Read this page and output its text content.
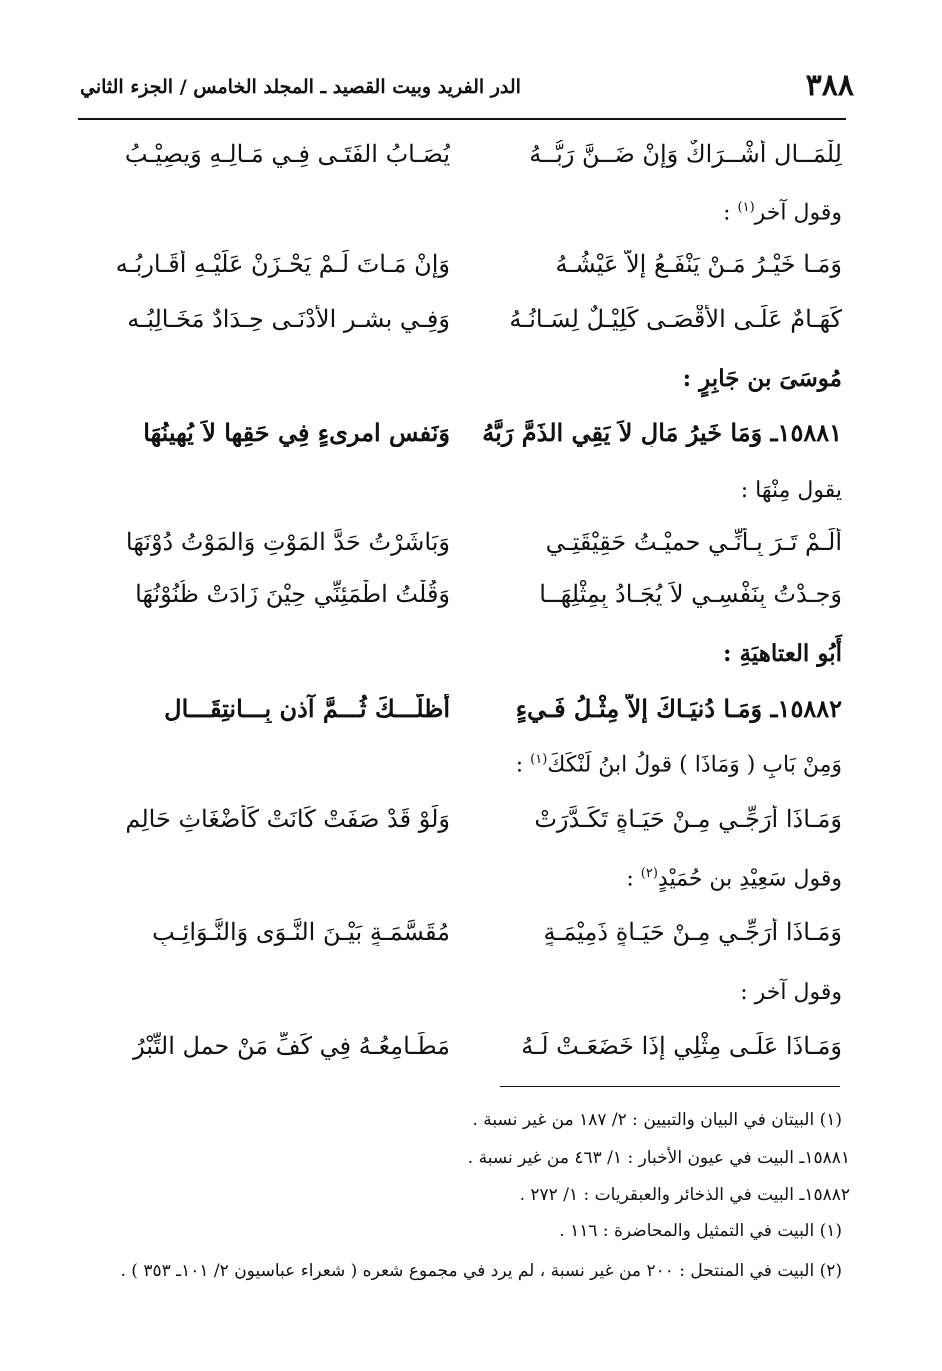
٣٨٨
الدر الفريد وبيت القصيد ـ المجلد الخامس / الجزء الثاني
لِلْمَــالِ أَشْــرَاكٌ وَإِنْ ضَــنَّ رَبُّــهُ
يُصَـابُ الفَتَـى فِـي مَـالِـهِ وَيصِيْـبُ
وقول آخر$^{(١)}$ :
وَمَـا خَيْـرُ مَـنْ يَنْفَـعُ إِلاَّ عَيْشُـهُ
وَإِنْ مَـاتَ لَـمْ يَحْـزَنْ عَلَيْـهِ أَقَـارِبُـه
كَهَـامٌ عَلَـى الأَقْصَـى كَلِيْـلٌ لِسَـانُـهُ
وَفِـي بشـرِ الأَدْنَـى حِـدَادٌ مَخَـالِبُـه
مُوسَىَ بن جَابِرٍ :
١٥٨٨١ـ وَمَا خَيرُ مَالٍ لاَ يَقِي الذَمَّ رَبَّهُ
وَنَفس امرىءٍ فِي حَقِها لاَ يُهِينُهَا
يقول مِنْهَا :
أَلَـمْ تَـرَ بِـأَنِّـي حميْـتُ حَقِيْقَتِـي
وَبَاشَرْتُ حَدَّ المَوْتِ وَالمَوْتُ دُوْنَهَا
وَجـدْتُ بِنَفْسِـي لاَ يُجَـادُ بِمِثْلِهَــا
وَقُلْتُ اطْمَئِنِّي حِيْنَ زَادَتْ ظُنُوْنُهَا
أَبُو العتاهيَةِ :
١٥٨٨٢ـ وَمَـا دُنيَـاكَ إِلاَّ مِثْـلُ فَـيءٍ
أَظلَّـــكَ ثُـــمَّ آذن بِـــانتِقَـــالِ
وَمِنْ بَابِ ( وَمَاذَا ) قولُ ابنُ لَنْكَكَ$^{(١)}$ :
وَمَـاذَا أُرَجِّـي مِـنْ حَيَـاةٍ تَكَـدَّرَتْ
وَلَوْ قَدْ صَفَتْ كَانَتْ كَأَضْغَاثِ حَالِمِ
وقول سَعِيْدِ بن حُمَيْدٍ$^{(٢)}$ :
وَمَـاذَا أُرَجِّـي مِـنْ حَيَـاةٍ ذَمِيْمَـةٍ
مُقَسَّمَـةٍ بَيْـنَ النَّـوَى وَالنَّـوَائِـبِ
وقول آخر :
وَمَـاذَا عَلَـى مِثْلِي إِذَا خَضَعَـتْ لَـهُ
مَطَـامِعُـهُ فِي كَفِّ مَنْ حمل التِّبْرُ
(١) البيتان في البيان والتبيين : ٢/ ١٨٧ من غير نسبة .
١٥٨٨١ـ البيت في عيون الأخبار : ١/ ٤٦٣ من غير نسبة .
١٥٨٨٢ـ البيت في الذخائر والعبقريات : ١/ ٢٧٢ .
(١) البيت في التمثيل والمحاضرة : ١١٦ .
(٢) البيت في المنتحل : ٢٠٠ من غير نسبة ، لم يرد في مجموع شعره ( شعراء عباسيون ٢/ ١٠١ـ ٣٥٣ ) .
